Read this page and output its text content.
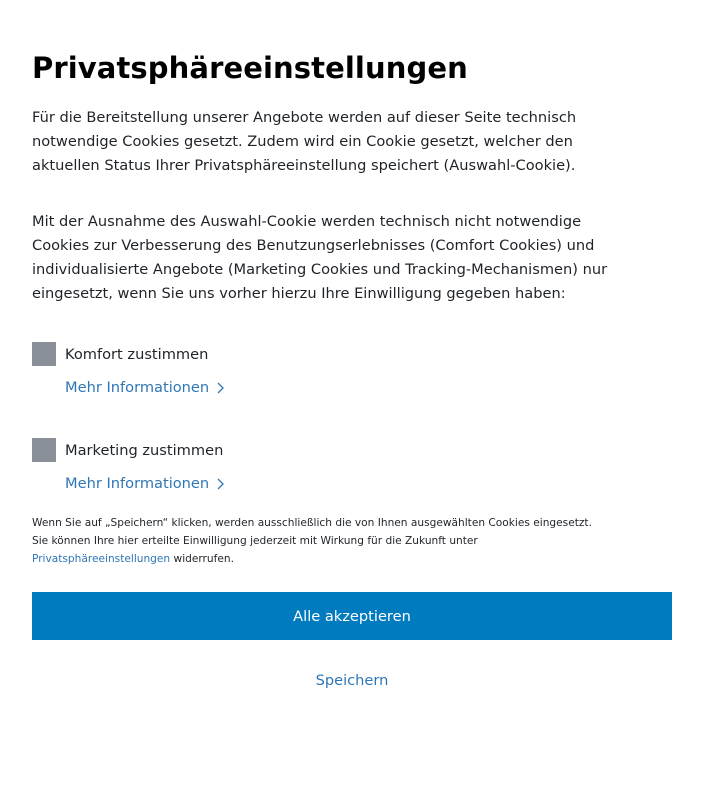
Privatsphäreeinstellungen

Für die Bereitstellung unserer Angebote werden auf dieser Seite technisch
notwendige Cookies gesetzt. Zudem wird ein Cookie gesetzt, welcher den
aktuellen Status Ihrer Privatsphäreeinstellung speichert (Auswahl-Cookie).

Mit der Ausnahme des Auswahl-Cookie werden technisch nicht notwendige
Cookies zur Verbesserung des Benutzungserlebnisses (Comfort Cookies) und
individualisierte Angebote (Marketing Cookies und Tracking-Mechanismen) nur
eingesetzt, wenn Sie uns vorher hierzu Ihre Einwilligung gegeben haben:

Komfort zustimmen
Mehr Informationen
Marketing zustimmen
Mehr Informationen

Wenn Sie auf „Speichern“ klicken, werden ausschließlich die von Ihnen ausgewählten Cookies eingesetzt.
Sie können Ihre hier erteilte Einwilligung jederzeit mit Wirkung für die Zukunft unter
Privatsphäreeinstellungen widerrufen.

Alle akzeptieren
Speichern
